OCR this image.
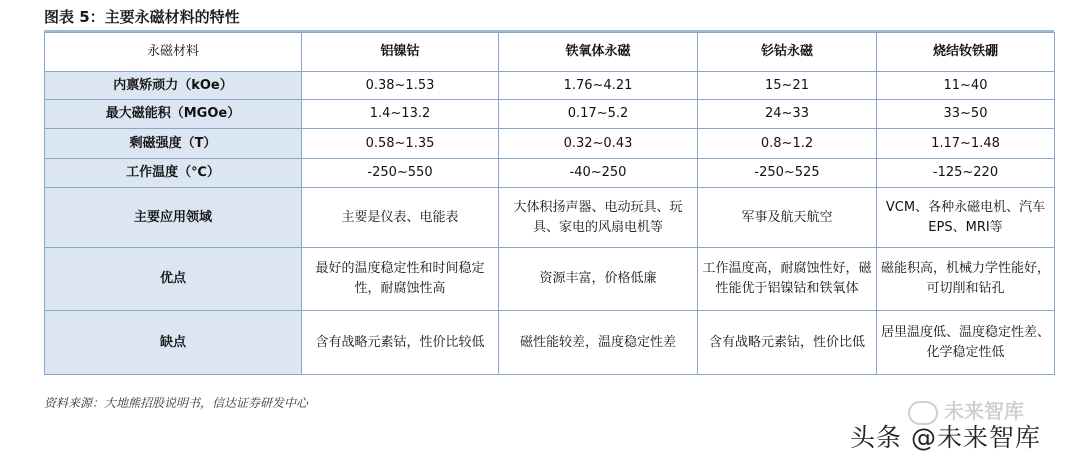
图表 5：主要永磁材料的特性
永磁材料	铝镍钴	铁氧体永磁	钐钴永磁	烧结钕铁硼
内禀矫顽力（kOe）	0.38~1.53	1.76~4.21	15~21	11~40
最大磁能积（MGOe）	1.4~13.2	0.17~5.2	24~33	33~50
剩磁强度（T）	0.58~1.35	0.32~0.43	0.8~1.2	1.17~1.48
工作温度（℃）	-250~550	-40~250	-250~525	-125~220
主要应用领域	主要是仪表、电能表	大体积扬声器、电动玩具、玩具、家电的风扇电机等	军事及航天航空	VCM、各种永磁电机、汽车EPS、MRI等
优点	最好的温度稳定性和时间稳定性，耐腐蚀性高	资源丰富，价格低廉	工作温度高，耐腐蚀性好，磁性能优于铝镍钴和铁氧体	磁能积高，机械力学性能好，可切削和钻孔
缺点	含有战略元素钴，性价比较低	磁性能较差，温度稳定性差	含有战略元素钴，性价比低	居里温度低、温度稳定性差、化学稳定性低
资料来源：大地熊招股说明书，信达证券研发中心	未来智库
头条 @未来智库
